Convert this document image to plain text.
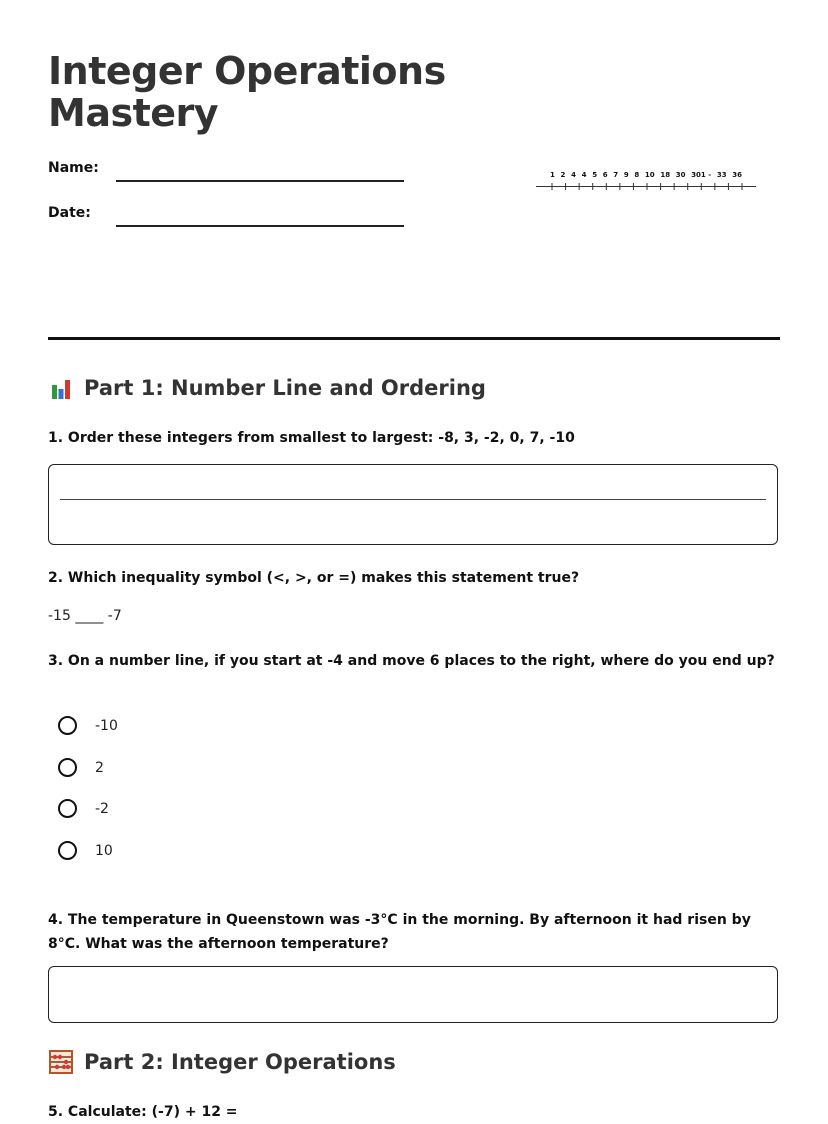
Integer Operations
Mastery
Name:
Date:
1 2 4 4 5 6 7 9 8 10 18 30 301 - 33 36
Part 1: Number Line and Ordering
1. Order these integers from smallest to largest: -8, 3, -2, 0, 7, -10
2. Which inequality symbol (<, >, or =) makes this statement true?
-15 ____ -7
3. On a number line, if you start at -4 and move 6 places to the right, where do you end up?
-10
2
-2
10
4. The temperature in Queenstown was -3°C in the morning. By afternoon it had risen by 8°C. What was the afternoon temperature?
Part 2: Integer Operations
5. Calculate: (-7) + 12 =
